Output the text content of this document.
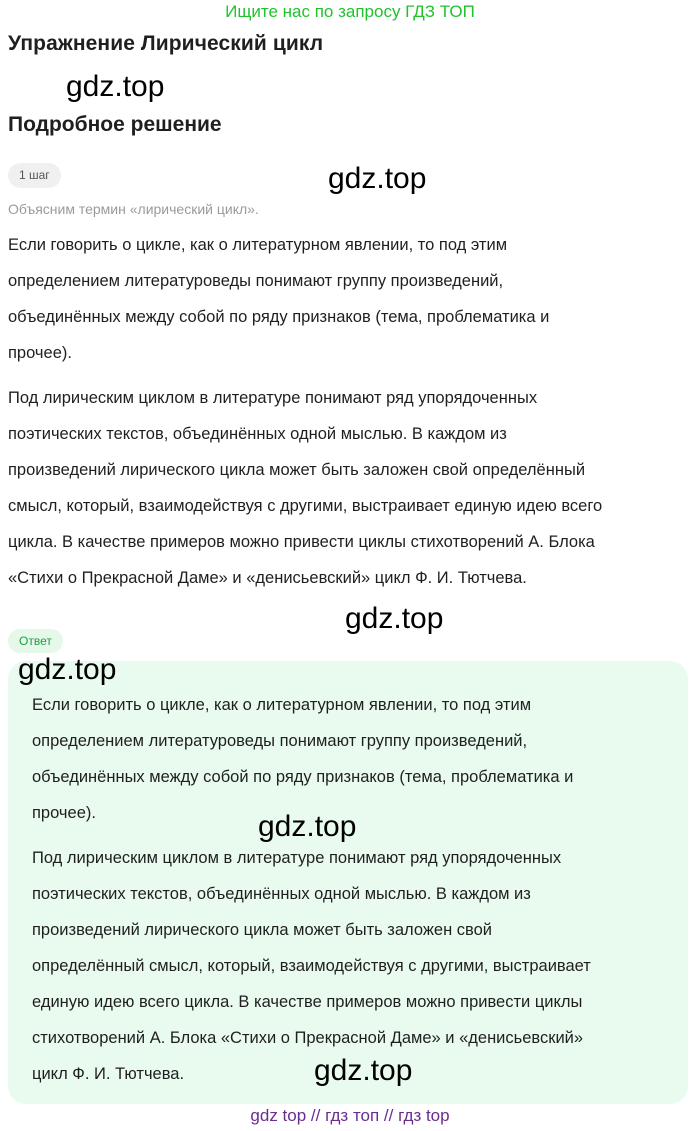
Ищите нас по запросу ГДЗ ТОП
Упражнение Лирический цикл
gdz.top
Подробное решение
1 шаг	gdz.top
Объясним термин «лирический цикл».
Если говорить о цикле, как о литературном явлении, то под этим
определением литературоведы понимают группу произведений,
объединённых между собой по ряду признаков (тема, проблематика и
прочее).
Под лирическим циклом в литературе понимают ряд упорядоченных
поэтических текстов, объединённых одной мыслью. В каждом из
произведений лирического цикла может быть заложен свой определённый
смысл, который, взаимодействуя с другими, выстраивает единую идею всего
цикла. В качестве примеров можно привести циклы стихотворений А. Блока
«Стихи о Прекрасной Даме» и «денисьевский» цикл Ф. И. Тютчева.
gdz.top
Ответ
gdz.top
Если говорить о цикле, как о литературном явлении, то под этим
определением литературоведы понимают группу произведений,
объединённых между собой по ряду признаков (тема, проблематика и
прочее).	gdz.top
Под лирическим циклом в литературе понимают ряд упорядоченных
поэтических текстов, объединённых одной мыслью. В каждом из
произведений лирического цикла может быть заложен свой
определённый смысл, который, взаимодействуя с другими, выстраивает
единую идею всего цикла. В качестве примеров можно привести циклы
стихотворений А. Блока «Стихи о Прекрасной Даме» и «денисьевский»
цикл Ф. И. Тютчева.	gdz.top
gdz top // гдз топ // гдз top
